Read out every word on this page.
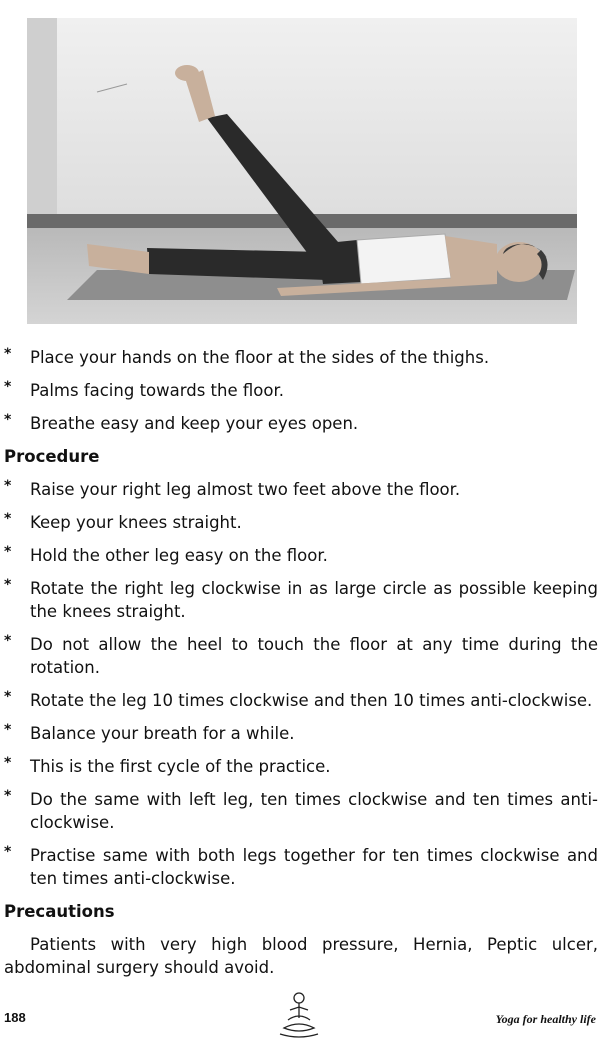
* Place your hands on the floor at the sides of the thighs.
* Palms facing towards the floor.
* Breathe easy and keep your eyes open.
Procedure
* Raise your right leg almost two feet above the floor.
* Keep your knees straight.
* Hold the other leg easy on the floor.
* Rotate the right leg clockwise in as large circle as possible keeping the knees straight.
* Do not allow the heel to touch the floor at any time during the rotation.
* Rotate the leg 10 times clockwise and then 10 times anti-clockwise.
* Balance your breath for a while.
* This is the first cycle of the practice.
* Do the same with left leg, ten times clockwise and ten times anti- clockwise.
* Practise same with both legs together for ten times clockwise and ten times anti-clockwise.
Precautions

Patients with very high blood pressure, Hernia, Peptic ulcer, abdominal surgery should avoid.

188	Yoga for healthy life
